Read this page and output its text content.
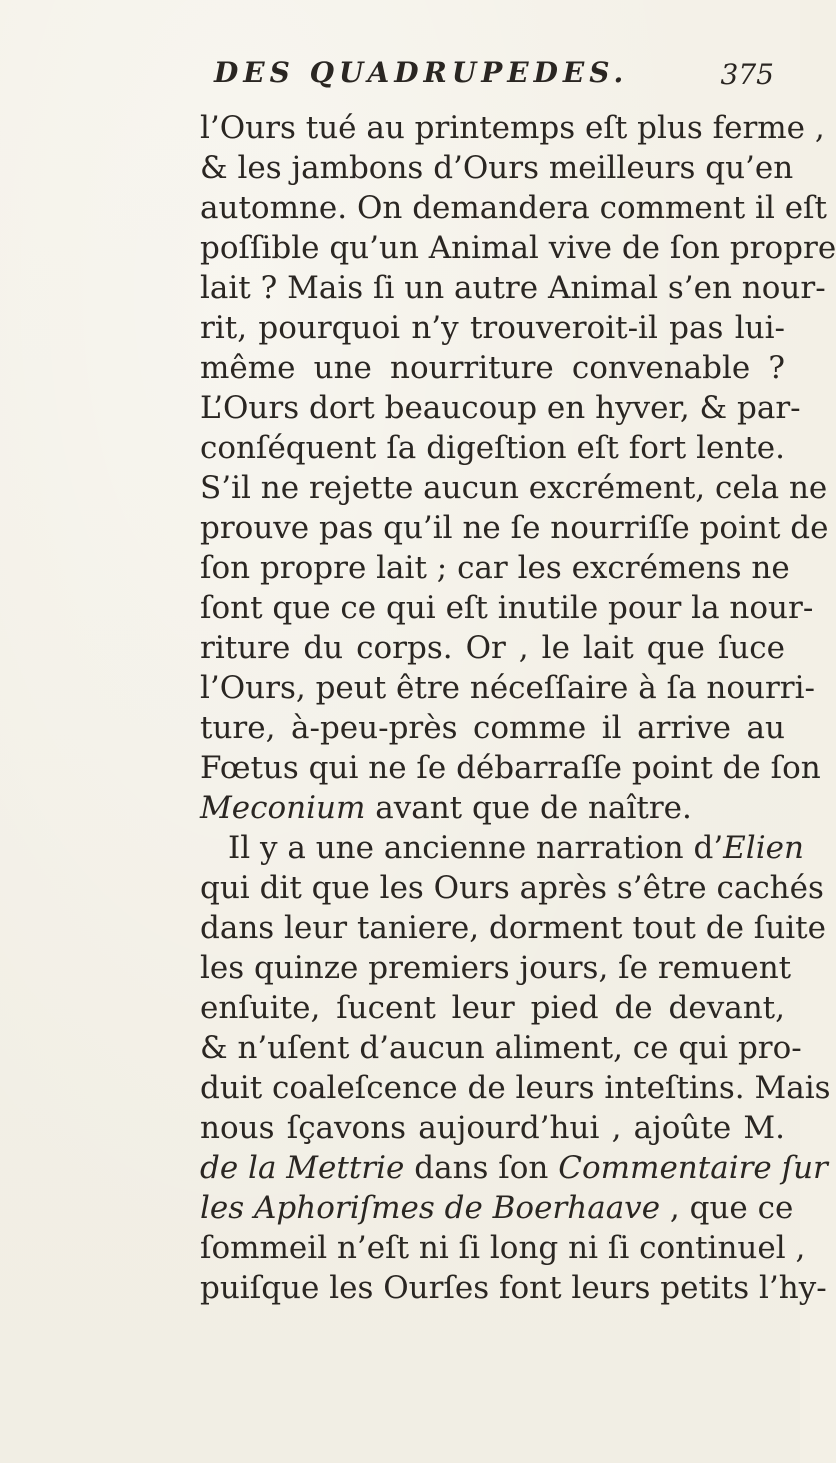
DES QUADRUPEDES.	375
l’Ours tué au printemps eſt plus ferme ,
& les jambons d’Ours meilleurs qu’en
automne. On demandera comment il eſt
poſſible qu’un Animal vive de ſon propre
lait ? Mais ſi un autre Animal s’en nour-
rit, pourquoi n’y trouveroit-il pas lui-
même une nourriture convenable ?
L’Ours dort beaucoup en hyver, & par-
conſéquent ſa digeſtion eſt fort lente.
S’il ne rejette aucun excrément, cela ne
prouve pas qu’il ne ſe nourriſſe point de
ſon propre lait ; car les excrémens ne
ſont que ce qui eſt inutile pour la nour-
riture du corps. Or , le lait que ſuce
l’Ours, peut être néceſſaire à ſa nourri-
ture, à-peu-près comme il arrive au
Fœtus qui ne ſe débarraſſe point de ſon
Meconium avant que de naître.
Il y a une ancienne narration d’Elien
qui dit que les Ours après s’être cachés
dans leur taniere, dorment tout de ſuite
les quinze premiers jours, ſe remuent
enſuite, ſucent leur pied de devant,
& n’uſent d’aucun aliment, ce qui pro-
duit coaleſcence de leurs inteſtins. Mais
nous ſçavons aujourd’hui , ajoûte M.
de la Mettrie dans ſon Commentaire ſur
les Aphoriſmes de Boerhaave , que ce
ſommeil n’eſt ni ſi long ni ſi continuel ,
puiſque les Ourſes font leurs petits l’hy-
